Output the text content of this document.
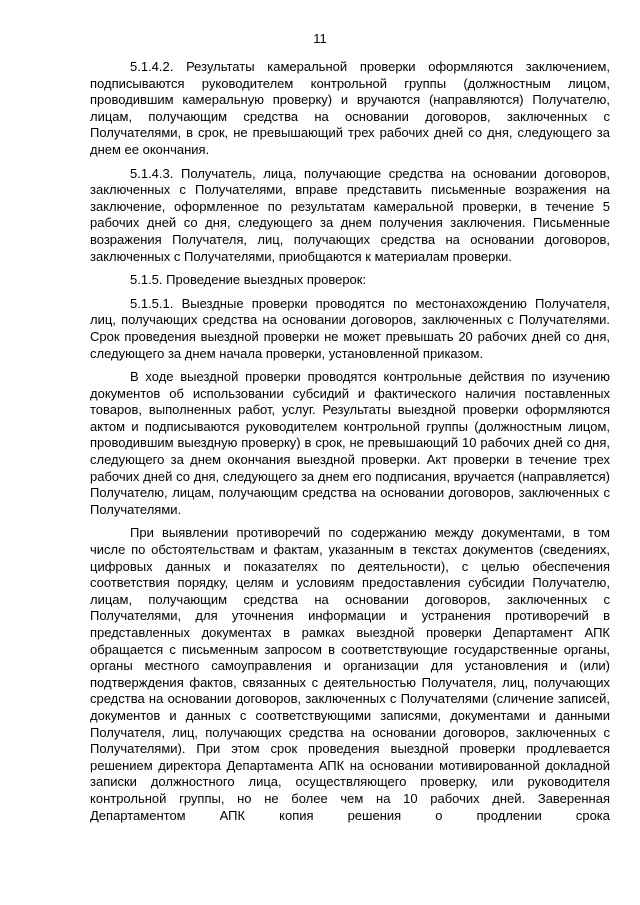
11

5.1.4.2. Результаты камеральной проверки оформляются заключением, подписываются руководителем контрольной группы (должностным лицом, проводившим камеральную проверку) и вручаются (направляются) Получателю, лицам, получающим средства на основании договоров, заключенных с Получателями, в срок, не превышающий трех рабочих дней со дня, следующего за днем ее окончания.

5.1.4.3. Получатель, лица, получающие средства на основании договоров, заключенных с Получателями, вправе представить письменные возражения на заключение, оформленное по результатам камеральной проверки, в течение 5 рабочих дней со дня, следующего за днем получения заключения. Письменные возражения Получателя, лиц, получающих средства на основании договоров, заключенных с Получателями, приобщаются к материалам проверки.

5.1.5. Проведение выездных проверок:

5.1.5.1. Выездные проверки проводятся по местонахождению Получателя, лиц, получающих средства на основании договоров, заключенных с Получателями. Срок проведения выездной проверки не может превышать 20 рабочих дней со дня, следующего за днем начала проверки, установленной приказом.

В ходе выездной проверки проводятся контрольные действия по изучению документов об использовании субсидий и фактического наличия поставленных товаров, выполненных работ, услуг. Результаты выездной проверки оформляются актом и подписываются руководителем контрольной группы (должностным лицом, проводившим выездную проверку) в срок, не превышающий 10 рабочих дней со дня, следующего за днем окончания выездной проверки. Акт проверки в течение трех рабочих дней со дня, следующего за днем его подписания, вручается (направляется) Получателю, лицам, получающим средства на основании договоров, заключенных с Получателями.

При выявлении противоречий по содержанию между документами, в том числе по обстоятельствам и фактам, указанным в текстах документов (сведениях, цифровых данных и показателях по деятельности), с целью обеспечения соответствия порядку, целям и условиям предоставления субсидии Получателю, лицам, получающим средства на основании договоров, заключенных с Получателями, для уточнения информации и устранения противоречий в представленных документах в рамках выездной проверки Департамент АПК обращается с письменным запросом в соответствующие государственные органы, органы местного самоуправления и организации для установления и (или) подтверждения фактов, связанных с деятельностью Получателя, лиц, получающих средства на основании договоров, заключенных с Получателями (сличение записей, документов и данных с соответствующими записями, документами и данными Получателя, лиц, получающих средства на основании договоров, заключенных с Получателями). При этом срок проведения выездной проверки продлевается решением директора Департамента АПК на основании мотивированной докладной записки должностного лица, осуществляющего проверку, или руководителя контрольной группы, но не более чем на 10 рабочих дней. Заверенная Департаментом АПК копия решения о продлении срока
